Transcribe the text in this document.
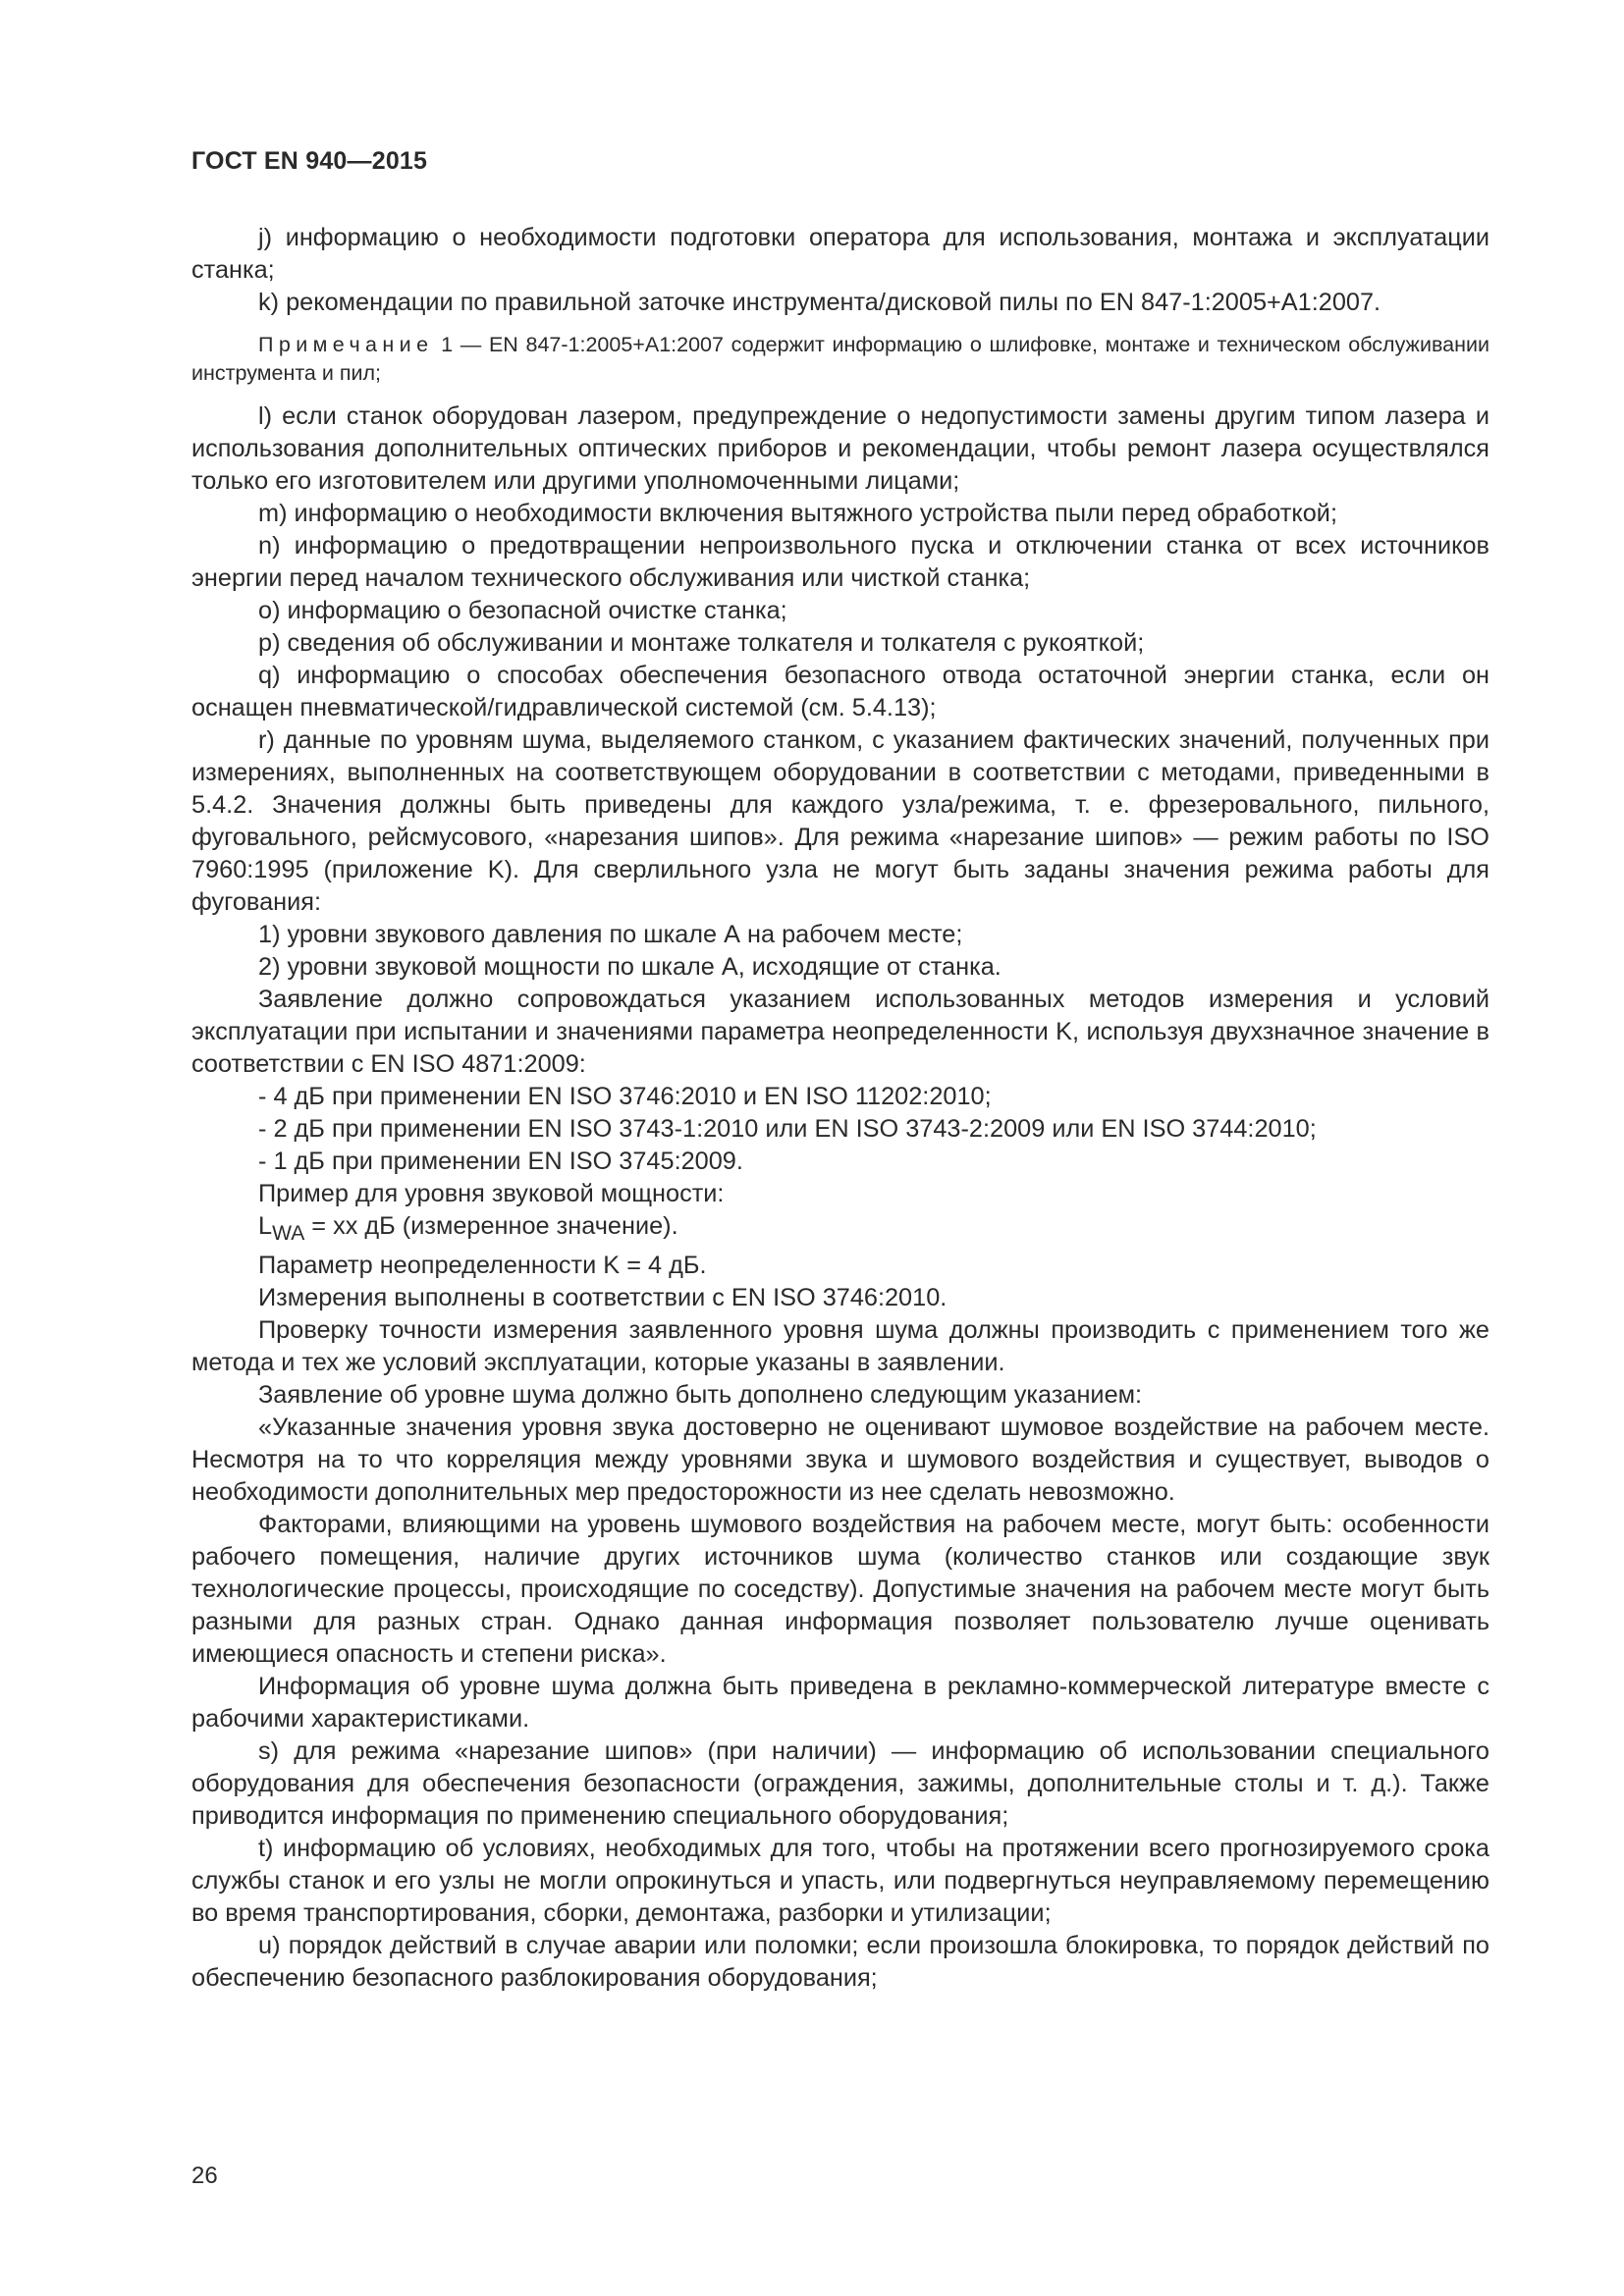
ГОСТ EN 940—2015

j) информацию о необходимости подготовки оператора для использования, монтажа и эксплуатации станка;

k) рекомендации по правильной заточке инструмента/дисковой пилы по EN 847-1:2005+A1:2007.

Примечание 1 — EN 847-1:2005+A1:2007 содержит информацию о шлифовке, монтаже и техническом обслуживании инструмента и пил;

l) если станок оборудован лазером, предупреждение о недопустимости замены другим типом лазера и использования дополнительных оптических приборов и рекомендации, чтобы ремонт лазера осуществлялся только его изготовителем или другими уполномоченными лицами;

m) информацию о необходимости включения вытяжного устройства пыли перед обработкой;

n) информацию о предотвращении непроизвольного пуска и отключении станка от всех источников энергии перед началом технического обслуживания или чисткой станка;

o) информацию о безопасной очистке станка;

p) сведения об обслуживании и монтаже толкателя и толкателя с рукояткой;

q) информацию о способах обеспечения безопасного отвода остаточной энергии станка, если он оснащен пневматической/гидравлической системой (см. 5.4.13);

r) данные по уровням шума, выделяемого станком, с указанием фактических значений, полученных при измерениях, выполненных на соответствующем оборудовании в соответствии с методами, приведенными в 5.4.2. Значения должны быть приведены для каждого узла/режима, т. е. фрезеровального, пильного, фуговального, рейсмусового, «нарезания шипов». Для режима «нарезание шипов» — режим работы по ISO 7960:1995 (приложение K). Для сверлильного узла не могут быть заданы значения режима работы для фугования:

1) уровни звукового давления по шкале А на рабочем месте;

2) уровни звуковой мощности по шкале А, исходящие от станка.

Заявление должно сопровождаться указанием использованных методов измерения и условий эксплуатации при испытании и значениями параметра неопределенности K, используя двухзначное значение в соответствии с EN ISO 4871:2009:

- 4 дБ при применении EN ISO 3746:2010 и EN ISO 11202:2010;

- 2 дБ при применении EN ISO 3743-1:2010 или EN ISO 3743-2:2009 или EN ISO 3744:2010;

- 1 дБ при применении EN ISO 3745:2009.

Пример для уровня звуковой мощности:

$L_{WA}$ = хх дБ (измеренное значение).

Параметр неопределенности K = 4 дБ.

Измерения выполнены в соответствии с EN ISO 3746:2010.

Проверку точности измерения заявленного уровня шума должны производить с применением того же метода и тех же условий эксплуатации, которые указаны в заявлении.

Заявление об уровне шума должно быть дополнено следующим указанием:

«Указанные значения уровня звука достоверно не оценивают шумовое воздействие на рабочем месте. Несмотря на то что корреляция между уровнями звука и шумового воздействия и существует, выводов о необходимости дополнительных мер предосторожности из нее сделать невозможно.

Факторами, влияющими на уровень шумового воздействия на рабочем месте, могут быть: особенности рабочего помещения, наличие других источников шума (количество станков или создающие звук технологические процессы, происходящие по соседству). Допустимые значения на рабочем месте могут быть разными для разных стран. Однако данная информация позволяет пользователю лучше оценивать имеющиеся опасность и степени риска».

Информация об уровне шума должна быть приведена в рекламно-коммерческой литературе вместе с рабочими характеристиками.

s) для режима «нарезание шипов» (при наличии) — информацию об использовании специального оборудования для обеспечения безопасности (ограждения, зажимы, дополнительные столы и т. д.). Также приводится информация по применению специального оборудования;

t) информацию об условиях, необходимых для того, чтобы на протяжении всего прогнозируемого срока службы станок и его узлы не могли опрокинуться и упасть, или подвергнуться неуправляемому перемещению во время транспортирования, сборки, демонтажа, разборки и утилизации;

u) порядок действий в случае аварии или поломки; если произошла блокировка, то порядок действий по обеспечению безопасного разблокирования оборудования;

26
